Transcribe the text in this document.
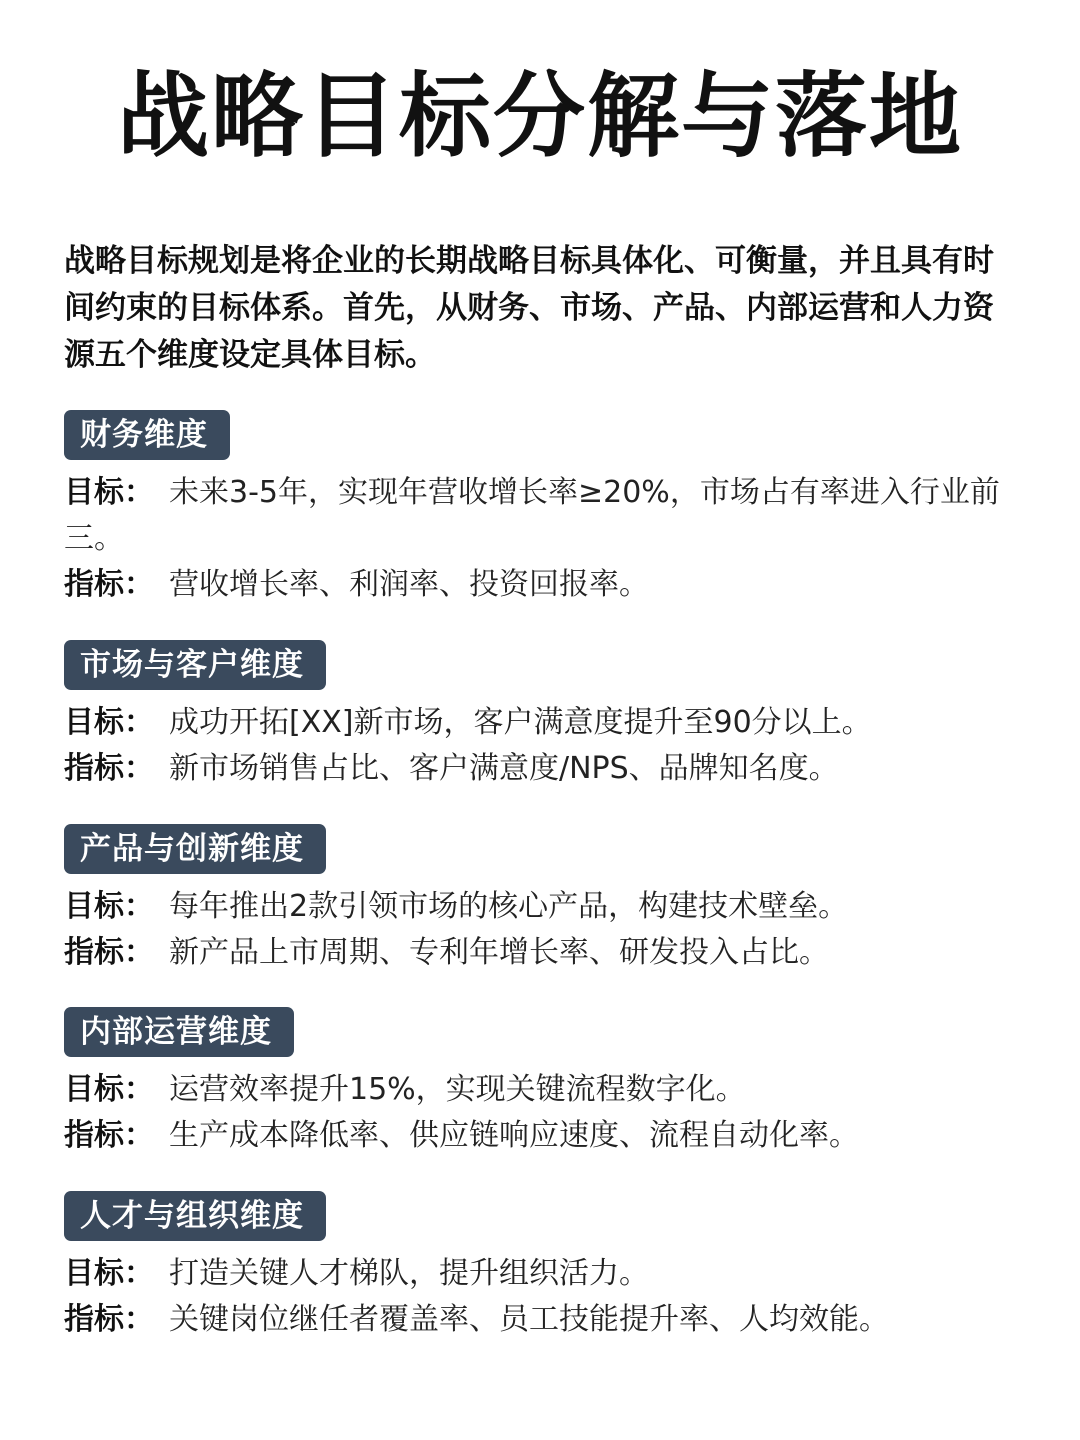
战略目标分解与落地
战略目标规划是将企业的长期战略目标具体化、可衡量，并且具有时间约束的目标体系。首先，从财务、市场、产品、内部运营和人力资源五个维度设定具体目标。
财务维度
目标： 未来3-5年，实现年营收增长率≥20%，市场占有率进入行业前三。
指标： 营收增长率、利润率、投资回报率。
市场与客户维度
目标： 成功开拓[XX]新市场，客户满意度提升至90分以上。
指标： 新市场销售占比、客户满意度/NPS、品牌知名度。
产品与创新维度
目标： 每年推出2款引领市场的核心产品，构建技术壁垒。
指标： 新产品上市周期、专利年增长率、研发投入占比。
内部运营维度
目标： 运营效率提升15%，实现关键流程数字化。
指标： 生产成本降低率、供应链响应速度、流程自动化率。
人才与组织维度
目标： 打造关键人才梯队，提升组织活力。
指标： 关键岗位继任者覆盖率、员工技能提升率、人均效能。
